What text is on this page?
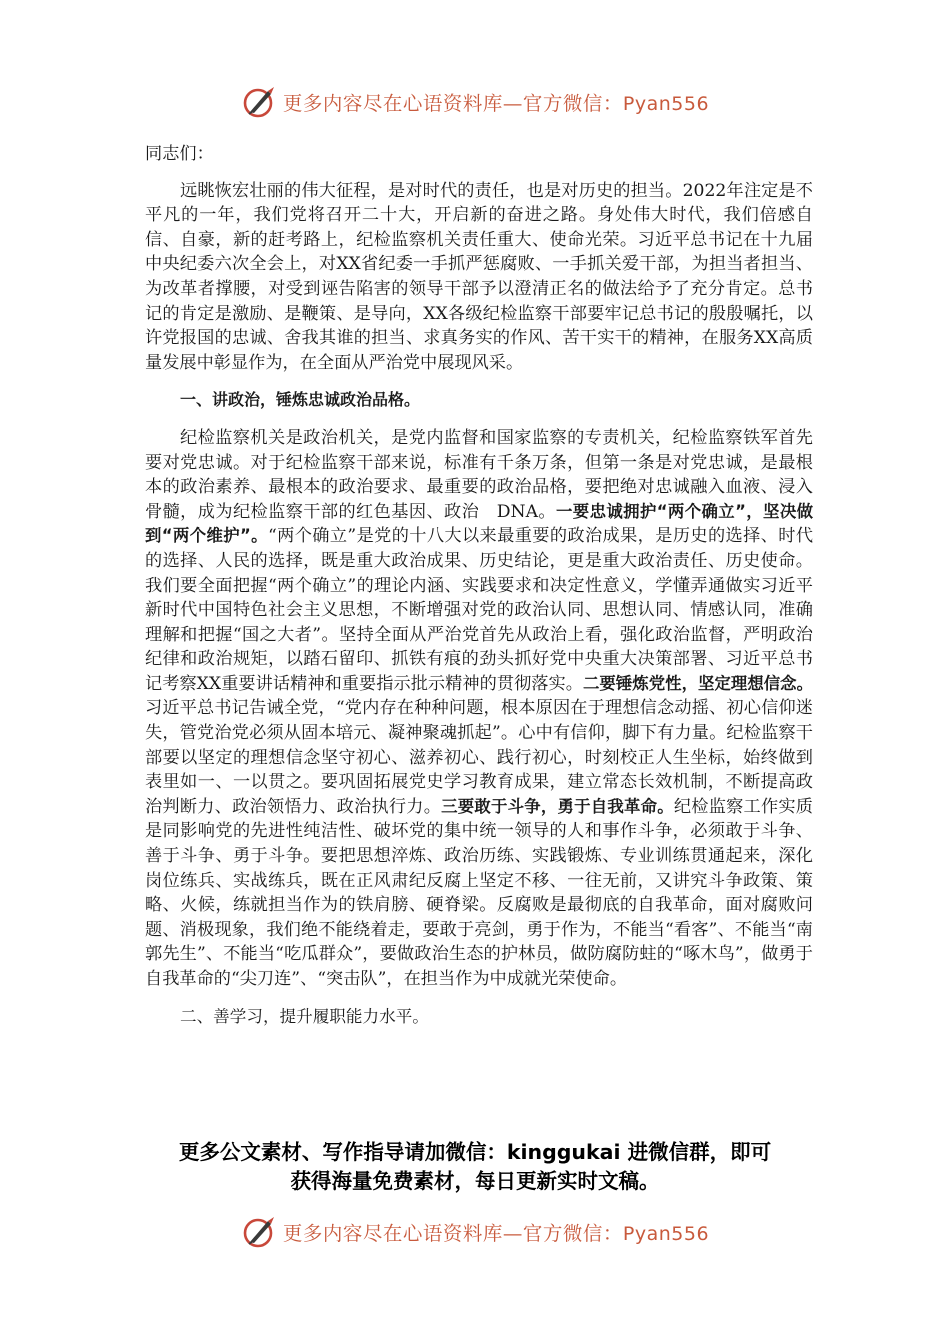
更多内容尽在心语资料库—官方微信：Pyan556

同志们：

远眺恢宏壮丽的伟大征程，是对时代的责任，也是对历史的担当。2022年注定是不平凡的一年，我们党将召开二十大，开启新的奋进之路。身处伟大时代，我们倍感自信、自豪，新的赶考路上，纪检监察机关责任重大、使命光荣。习近平总书记在十九届中央纪委六次全会上，对XX省纪委一手抓严惩腐败、一手抓关爱干部，为担当者担当、为改革者撑腰，对受到诬告陷害的领导干部予以澄清正名的做法给予了充分肯定。总书记的肯定是激励、是鞭策、是导向，XX各级纪检监察干部要牢记总书记的殷殷嘱托，以许党报国的忠诚、舍我其谁的担当、求真务实的作风、苦干实干的精神，在服务XX高质量发展中彰显作为，在全面从严治党中展现风采。

一、讲政治，锤炼忠诚政治品格。

纪检监察机关是政治机关，是党内监督和国家监察的专责机关，纪检监察铁军首先要对党忠诚。对于纪检监察干部来说，标准有千条万条，但第一条是对党忠诚，是最根本的政治素养、最根本的政治要求、最重要的政治品格，要把绝对忠诚融入血液、浸入骨髓，成为纪检监察干部的红色基因、政治　DNA。一要忠诚拥护“两个确立”，坚决做到“两个维护”。“两个确立”是党的十八大以来最重要的政治成果，是历史的选择、时代的选择、人民的选择，既是重大政治成果、历史结论，更是重大政治责任、历史使命。我们要全面把握“两个确立”的理论内涵、实践要求和决定性意义，学懂弄通做实习近平新时代中国特色社会主义思想，不断增强对党的政治认同、思想认同、情感认同，准确理解和把握“国之大者”。坚持全面从严治党首先从政治上看，强化政治监督，严明政治纪律和政治规矩，以踏石留印、抓铁有痕的劲头抓好党中央重大决策部署、习近平总书记考察XX重要讲话精神和重要指示批示精神的贯彻落实。二要锤炼党性，坚定理想信念。习近平总书记告诫全党，“党内存在种种问题，根本原因在于理想信念动摇、初心信仰迷失，管党治党必须从固本培元、凝神聚魂抓起”。心中有信仰，脚下有力量。纪检监察干部要以坚定的理想信念坚守初心、滋养初心、践行初心，时刻校正人生坐标，始终做到表里如一、一以贯之。要巩固拓展党史学习教育成果，建立常态长效机制，不断提高政治判断力、政治领悟力、政治执行力。三要敢于斗争，勇于自我革命。纪检监察工作实质是同影响党的先进性纯洁性、破坏党的集中统一领导的人和事作斗争，必须敢于斗争、善于斗争、勇于斗争。要把思想淬炼、政治历练、实践锻炼、专业训练贯通起来，深化岗位练兵、实战练兵，既在正风肃纪反腐上坚定不移、一往无前，又讲究斗争政策、策略、火候，练就担当作为的铁肩膀、硬脊梁。反腐败是最彻底的自我革命，面对腐败问题、消极现象，我们绝不能绕着走，要敢于亮剑，勇于作为，不能当“看客”、不能当“南郭先生”、不能当“吃瓜群众”，要做政治生态的护林员，做防腐防蛀的“啄木鸟”，做勇于自我革命的“尖刀连”、“突击队”，在担当作为中成就光荣使命。

二、善学习，提升履职能力水平。

更多公文素材、写作指导请加微信：kinggukai 进微信群，即可
获得海量免费素材，每日更新实时文稿。
更多内容尽在心语资料库—官方微信：Pyan556
